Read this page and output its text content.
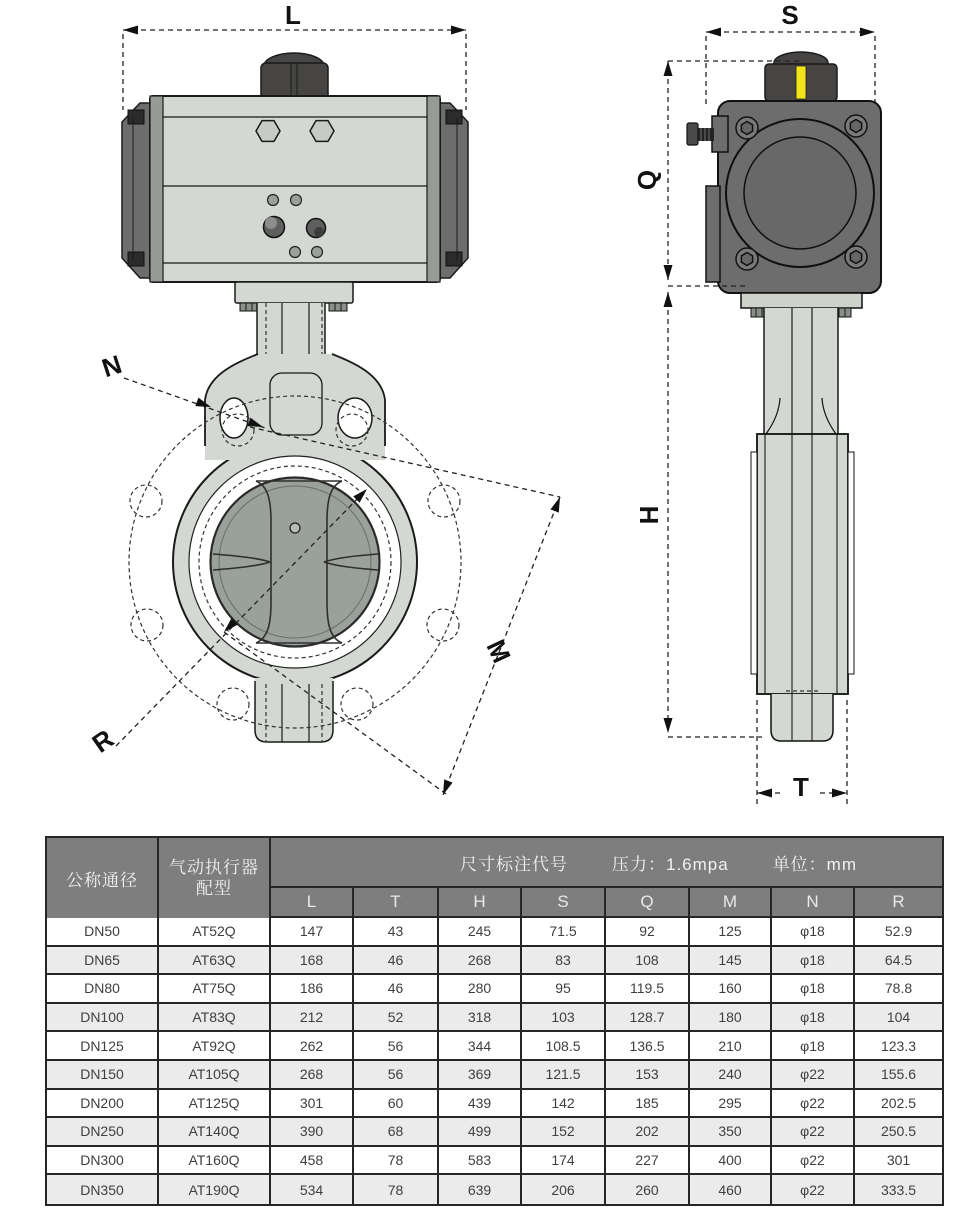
L
N
R
M
S
Q
H
T
公称通径
气动执行器
配型
尺寸标注代号	压力：1.6mpa	单位：mm
L	T	H	S	Q	M	N	R
DN50	AT52Q	147	43	245	71.5	92	125	φ18	52.9
DN65	AT63Q	168	46	268	83	108	145	φ18	64.5
DN80	AT75Q	186	46	280	95	119.5	160	φ18	78.8
DN100	AT83Q	212	52	318	103	128.7	180	φ18	104
DN125	AT92Q	262	56	344	108.5	136.5	210	φ18	123.3
DN150	AT105Q	268	56	369	121.5	153	240	φ22	155.6
DN200	AT125Q	301	60	439	142	185	295	φ22	202.5
DN250	AT140Q	390	68	499	152	202	350	φ22	250.5
DN300	AT160Q	458	78	583	174	227	400	φ22	301
DN350	AT190Q	534	78	639	206	260	460	φ22	333.5
